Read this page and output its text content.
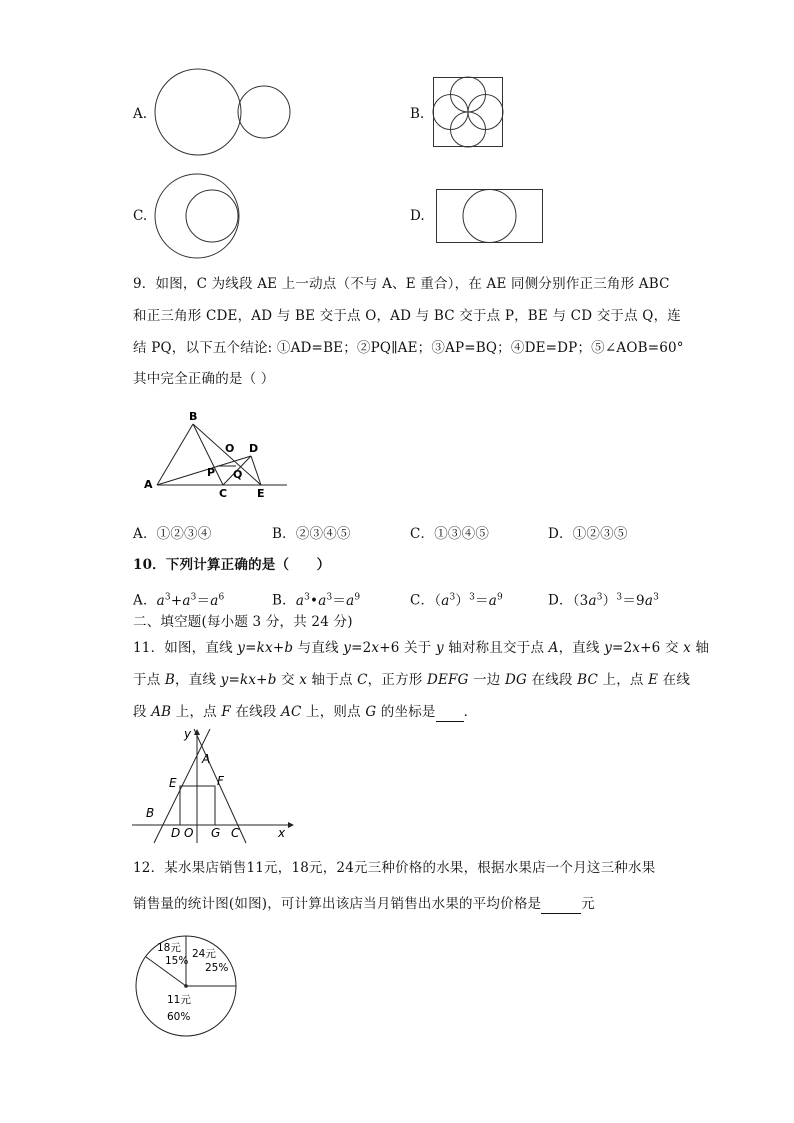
A.	B.
C.	D.
9．如图，C 为线段 AE 上一动点（不与 A、E 重合），在 AE 同侧分别作正三角形 ABC
和正三角形 CDE，AD 与 BE 交于点 O，AD 与 BC 交于点 P，BE 与 CD 交于点 Q，连
结 PQ，以下五个结论: ①AD=BE；②PQ∥AE；③AP=BQ；④DE=DP；⑤∠AOB=60°
其中完全正确的是（ ）
B
O D
P Q
A
C	E
A．①②③④	B．②③④⑤	C．①③④⑤	D．①②③⑤
10．下列计算正确的是（　　）
A．$a^3+a^3=a^6$	B．$a^3•a^3=a^9$	C．$(a^3)^3=a^9$	D．$(3a^3)^3=9a^3$
二、填空题(每小题 3 分，共 24 分)
11．如图，直线 y=kx+b 与直线 y=2x+6 关于 y 轴对称且交于点 A，直线 y=2x+6 交 x 轴
于点 B，直线 y=kx+b 交 x 轴于点 C，正方形 DEFG 一边 DG 在线段 BC 上，点 E 在线
段 AB 上，点 F 在线段 AC 上，则点 G 的坐标是 ．
y
A
E	F
B
D O G C	x
12．某水果店销售11元，18元，24元三种价格的水果，根据水果店一个月这三种水果
销售量的统计图(如图)，可计算出该店当月销售出水果的平均价格是	元
18元
15%
24元
25%
11元
60%
